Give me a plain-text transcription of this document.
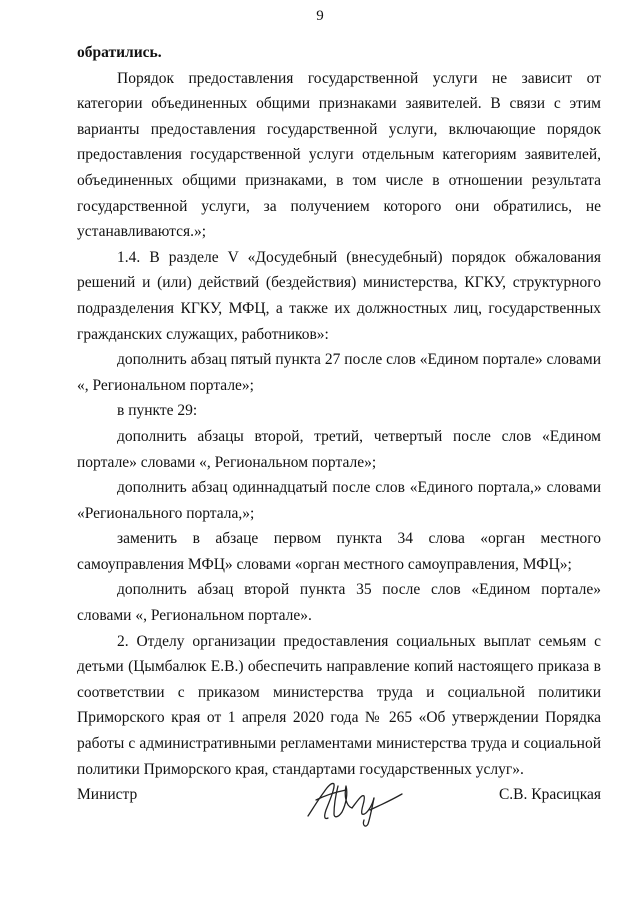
9

обратились.

Порядок предоставления государственной услуги не зависит от категории объединенных общими признаками заявителей. В связи с этим варианты предоставления государственной услуги, включающие порядок предоставления государственной услуги отдельным категориям заявителей, объединенных общими признаками, в том числе в отношении результата государственной услуги, за получением которого они обратились, не устанавливаются.»;

1.4. В разделе V «Досудебный (внесудебный) порядок обжалования решений и (или) действий (бездействия) министерства, КГКУ, структурного подразделения КГКУ, МФЦ, а также их должностных лиц, государственных гражданских служащих, работников»:

дополнить абзац пятый пункта 27 после слов «Едином портале» словами «, Региональном портале»;

в пункте 29:

дополнить абзацы второй, третий, четвертый после слов «Едином портале» словами «, Региональном портале»;

дополнить абзац одиннадцатый после слов «Единого портала,» словами «Регионального портала,»;

заменить в абзаце первом пункта 34 слова «орган местного самоуправления МФЦ» словами «орган местного самоуправления, МФЦ»;

дополнить абзац второй пункта 35 после слов «Едином портале» словами «, Региональном портале».

2. Отделу организации предоставления социальных выплат семьям с детьми (Цымбалюк Е.В.) обеспечить направление копий настоящего приказа в соответствии с приказом министерства труда и социальной политики Приморского края от 1 апреля 2020 года № 265 «Об утверждении Порядка работы с административными регламентами министерства труда и социальной политики Приморского края, стандартами государственных услуг».

Министр	С.В. Красицкая
